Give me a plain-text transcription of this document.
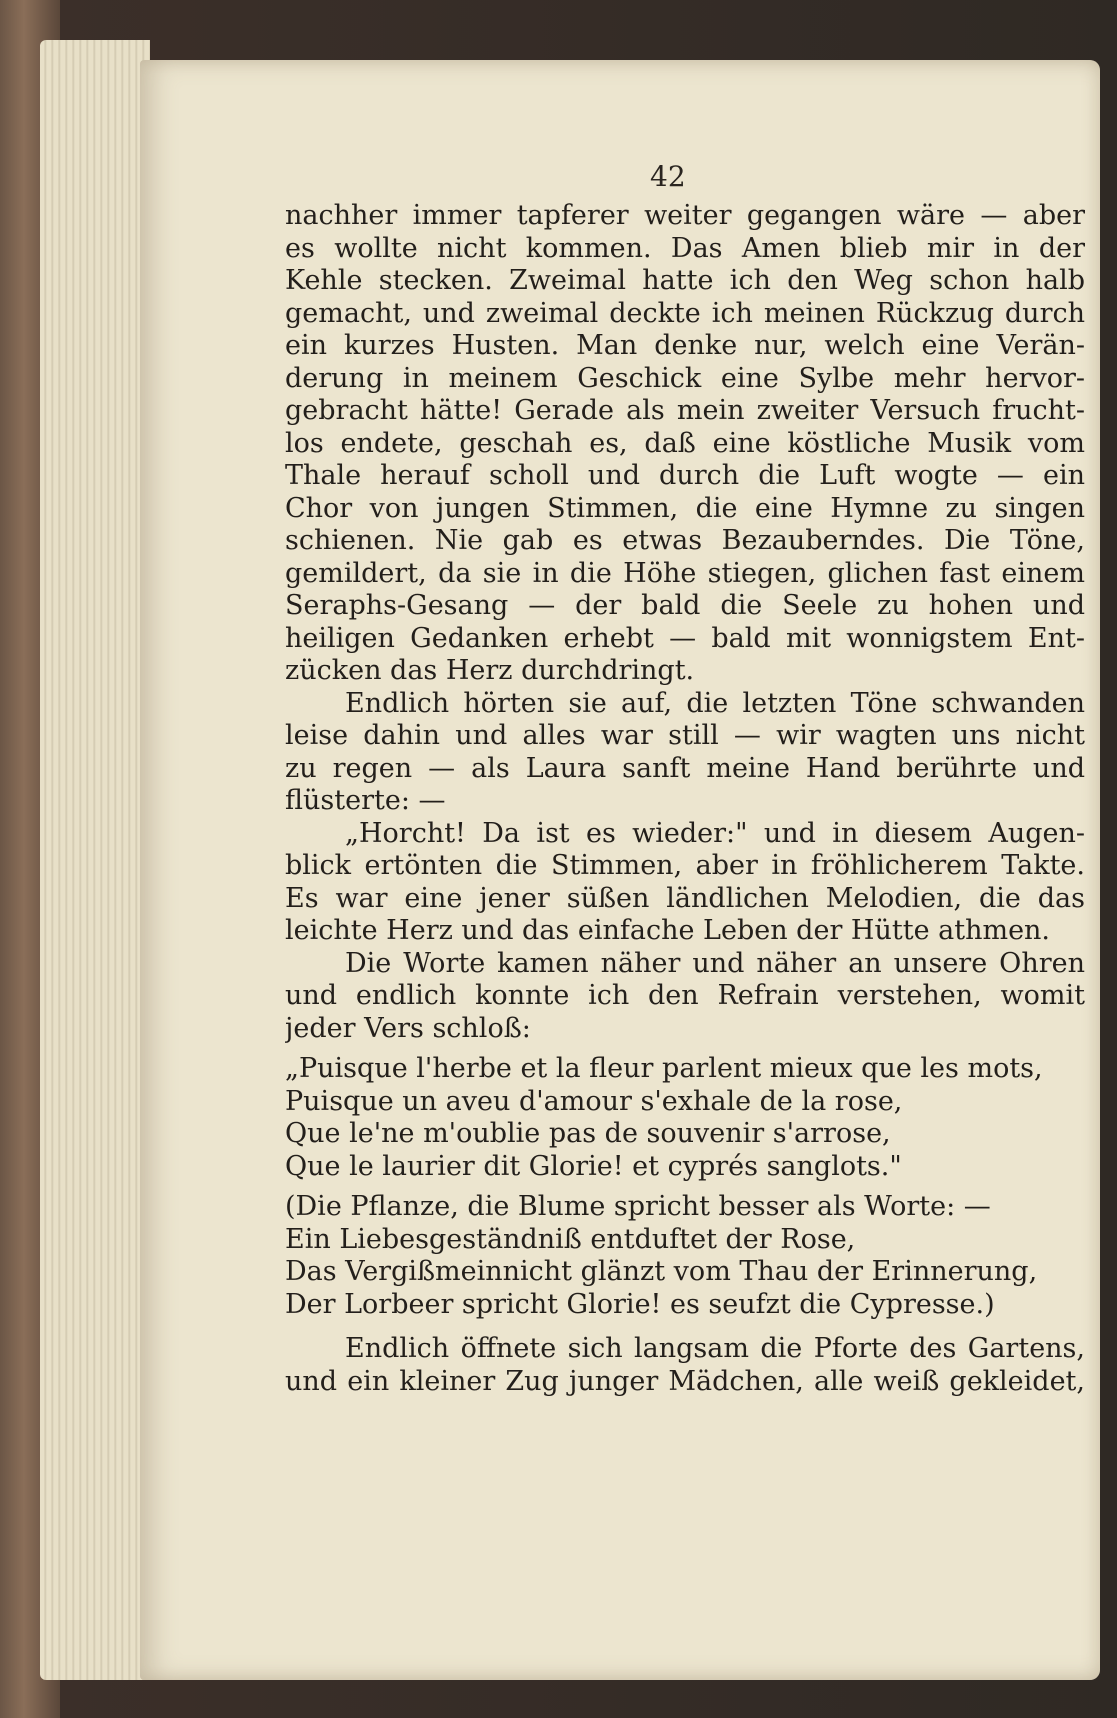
42
nachher immer tapferer weiter gegangen wäre — aber
es wollte nicht kommen. Das Amen blieb mir in der
Kehle stecken. Zweimal hatte ich den Weg schon halb
gemacht, und zweimal deckte ich meinen Rückzug durch
ein kurzes Husten. Man denke nur, welch eine Verän-
derung in meinem Geschick eine Sylbe mehr hervor-
gebracht hätte! Gerade als mein zweiter Versuch frucht-
los endete, geschah es, daß eine köstliche Musik vom
Thale herauf scholl und durch die Luft wogte — ein
Chor von jungen Stimmen, die eine Hymne zu singen
schienen. Nie gab es etwas Bezauberndes. Die Töne,
gemildert, da sie in die Höhe stiegen, glichen fast einem
Seraphs-Gesang — der bald die Seele zu hohen und
heiligen Gedanken erhebt — bald mit wonnigstem Ent-
zücken das Herz durchdringt.
Endlich hörten sie auf, die letzten Töne schwanden
leise dahin und alles war still — wir wagten uns nicht
zu regen — als Laura sanft meine Hand berührte und
flüsterte: —
„Horcht! Da ist es wieder:" und in diesem Augen-
blick ertönten die Stimmen, aber in fröhlicherem Takte.
Es war eine jener süßen ländlichen Melodien, die das
leichte Herz und das einfache Leben der Hütte athmen.
Die Worte kamen näher und näher an unsere Ohren
und endlich konnte ich den Refrain verstehen, womit
jeder Vers schloß:
„Puisque l'herbe et la fleur parlent mieux que les mots,
Puisque un aveu d'amour s'exhale de la rose,
Que le'ne m'oublie pas de souvenir s'arrose,
Que le laurier dit Glorie! et cyprés sanglots."
(Die Pflanze, die Blume spricht besser als Worte: —
Ein Liebesgeständniß entduftet der Rose,
Das Vergißmeinnicht glänzt vom Thau der Erinnerung,
Der Lorbeer spricht Glorie! es seufzt die Cypresse.)
Endlich öffnete sich langsam die Pforte des Gartens,
und ein kleiner Zug junger Mädchen, alle weiß gekleidet,
